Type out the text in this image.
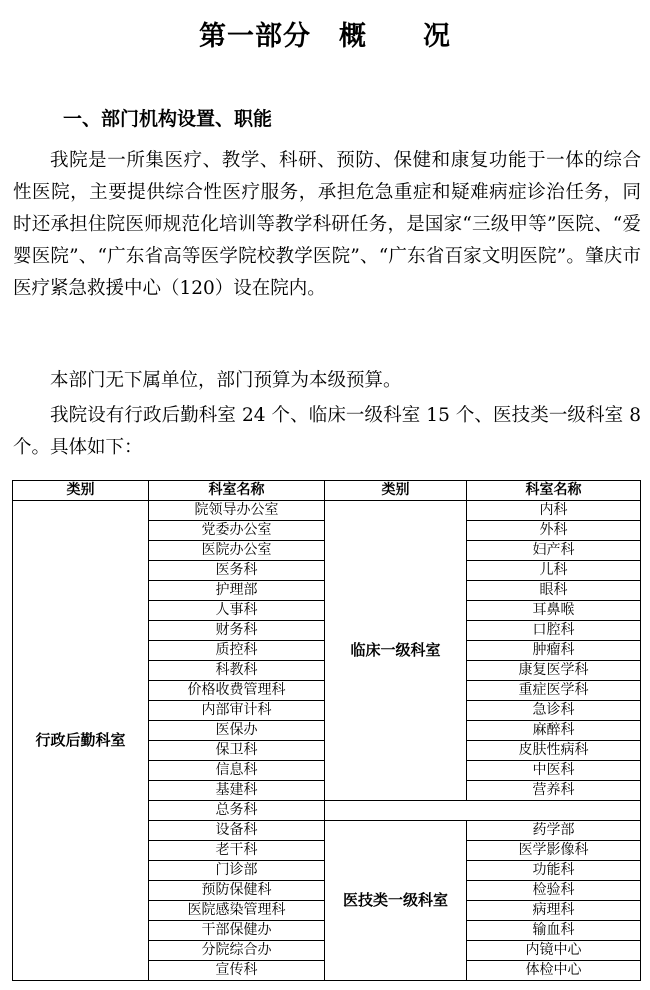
第一部分　概　　况
一、部门机构设置、职能

我院是一所集医疗、教学、科研、预防、保健和康复功能于一体的综合性医院，主要提供综合性医疗服务，承担危急重症和疑难病症诊治任务，同时还承担住院医师规范化培训等教学科研任务，是国家“三级甲等”医院、“爱婴医院”、“广东省高等医学院校教学医院”、“广东省百家文明医院”。肇庆市医疗紧急救援中心（120）设在院内。

本部门无下属单位，部门预算为本级预算。

我院设有行政后勤科室 24 个、临床一级科室 15 个、医技类一级科室 8 个。具体如下：

类别	科室名称	类别	科室名称
行政后勤科室	院领导办公室	临床一级科室	内科
	党委办公室		外科
	医院办公室		妇产科
	医务科		儿科
	护理部		眼科
	人事科		耳鼻喉
	财务科		口腔科
	质控科		肿瘤科
	科教科		康复医学科
	价格收费管理科		重症医学科
	内部审计科		急诊科
	医保办		麻醉科
	保卫科		皮肤性病科
	信息科		中医科
	基建科		营养科
	总务科		
	设备科	医技类一级科室	药学部
	老干科		医学影像科
	门诊部		功能科
	预防保健科		检验科
	医院感染管理科		病理科
	干部保健办		输血科
	分院综合办		内镜中心
	宣传科		体检中心
